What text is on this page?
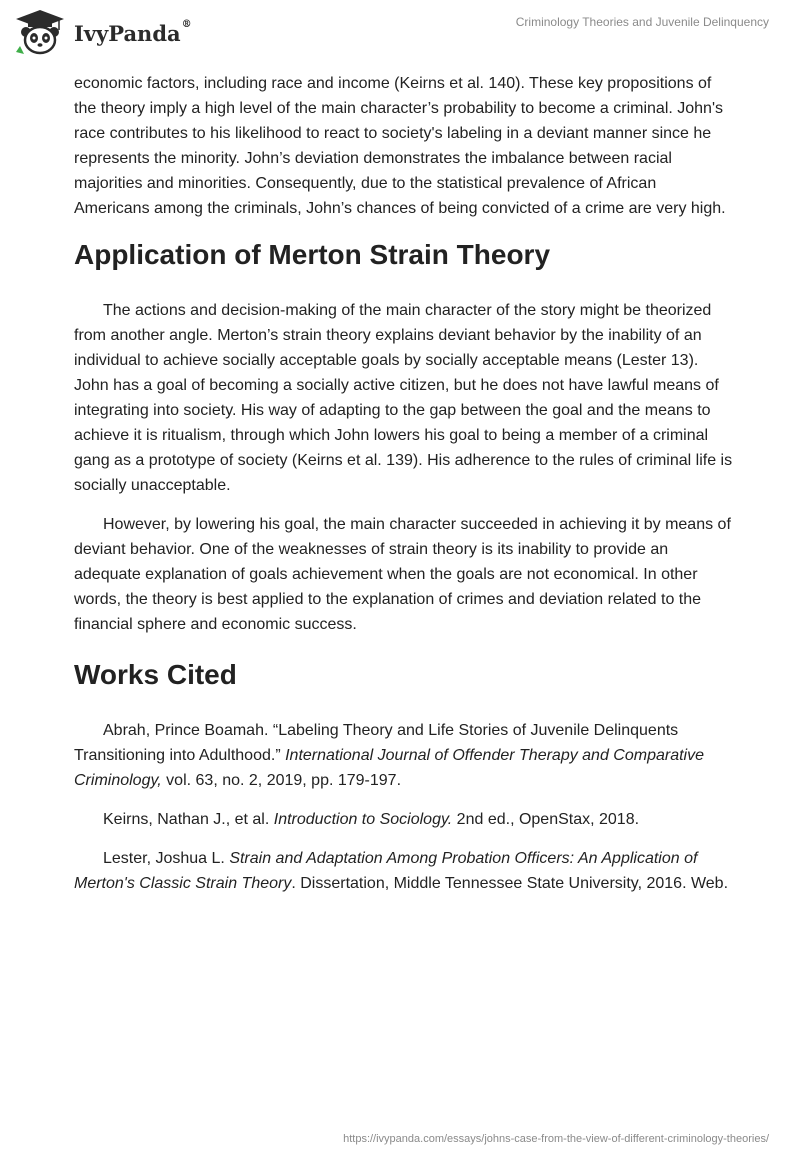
IvyPanda®	Criminology Theories and Juvenile Delinquency

economic factors, including race and income (Keirns et al. 140). These key propositions of the theory imply a high level of the main character’s probability to become a criminal. John's race contributes to his likelihood to react to society's labeling in a deviant manner since he represents the minority. John’s deviation demonstrates the imbalance between racial majorities and minorities. Consequently, due to the statistical prevalence of African Americans among the criminals, John’s chances of being convicted of a crime are very high.

Application of Merton Strain Theory

The actions and decision-making of the main character of the story might be theorized from another angle. Merton’s strain theory explains deviant behavior by the inability of an individual to achieve socially acceptable goals by socially acceptable means (Lester 13). John has a goal of becoming a socially active citizen, but he does not have lawful means of integrating into society. His way of adapting to the gap between the goal and the means to achieve it is ritualism, through which John lowers his goal to being a member of a criminal gang as a prototype of society (Keirns et al. 139). His adherence to the rules of criminal life is socially unacceptable.

However, by lowering his goal, the main character succeeded in achieving it by means of deviant behavior. One of the weaknesses of strain theory is its inability to provide an adequate explanation of goals achievement when the goals are not economical. In other words, the theory is best applied to the explanation of crimes and deviation related to the financial sphere and economic success.

Works Cited

Abrah, Prince Boamah. “Labeling Theory and Life Stories of Juvenile Delinquents Transitioning into Adulthood.” International Journal of Offender Therapy and Comparative Criminology, vol. 63, no. 2, 2019, pp. 179-197.

Keirns, Nathan J., et al. Introduction to Sociology. 2nd ed., OpenStax, 2018.

Lester, Joshua L. Strain and Adaptation Among Probation Officers: An Application of Merton's Classic Strain Theory. Dissertation, Middle Tennessee State University, 2016. Web.

https://ivypanda.com/essays/johns-case-from-the-view-of-different-criminology-theories/
